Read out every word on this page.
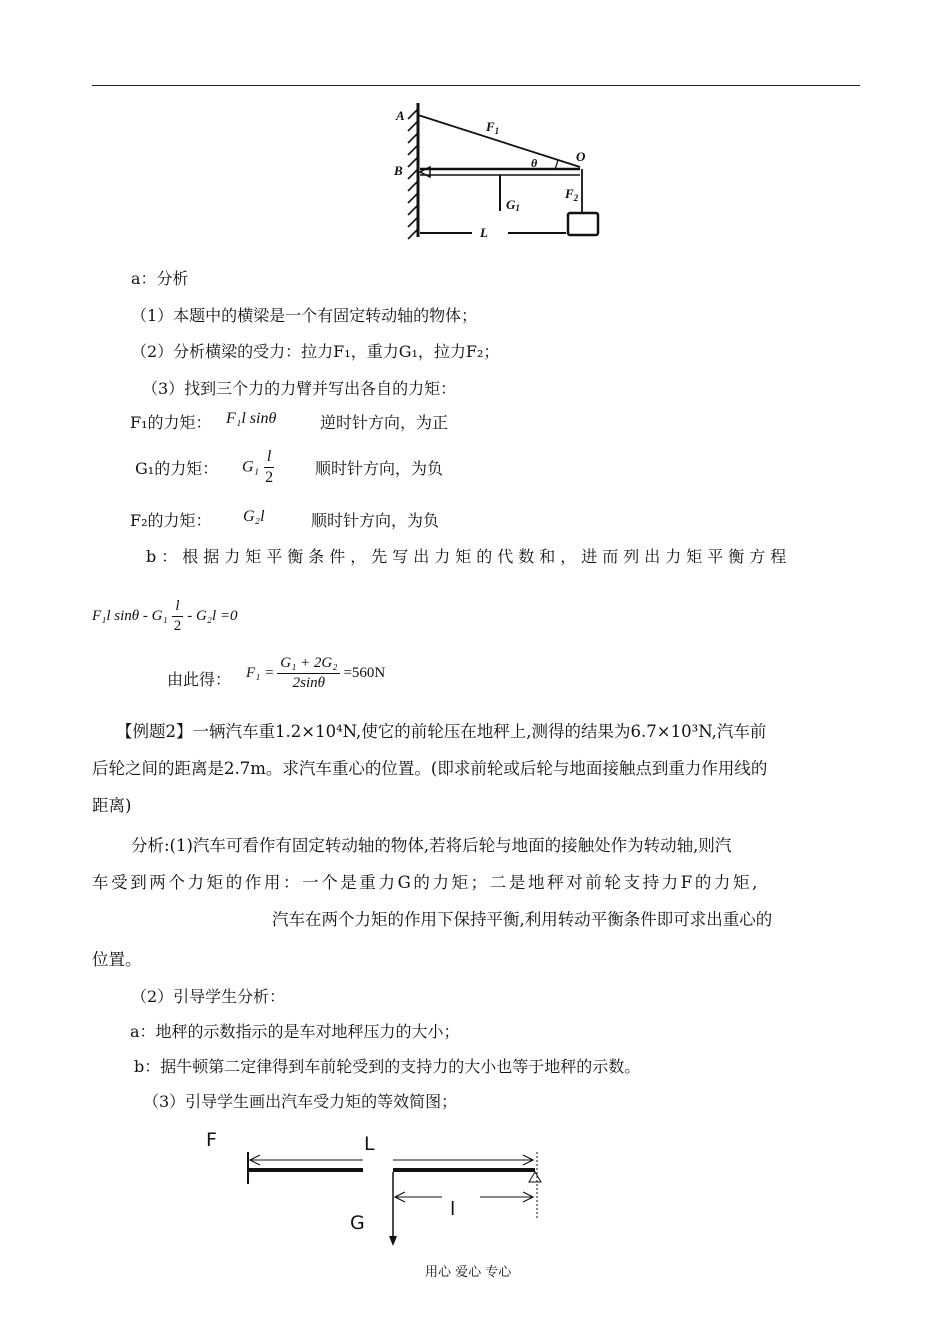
A
B
O
$F_1$
$F_2$
G1
θ
L
a：分析
（1）本题中的横梁是一个有固定转动轴的物体；
（2）分析横梁的受力：拉力F₁，重力G₁，拉力F₂；
（3）找到三个力的力臂并写出各自的力矩：
F₁的力矩： F₁l sinθ	逆时针方向，为正
G₁的力矩： $G_1 \frac{l}{2}$ 顺时针方向，为负
F₂的力矩： G₂l	顺时针方向，为负
b：根据力矩平衡条件，先写出力矩的代数和，进而列出力矩平衡方程
F₁l $\sin\theta - G_1 \frac{l}{2} - G_2l =0$
由此得： $F_1 = \frac{\text{G₁ + 2G₂}}{2\sin\theta} =560N$
【例题2】一辆汽车重1.2×10⁴N,使它的前轮压在地秤上,测得的结果为6.7×10³N,汽车前
后轮之间的距离是2.7m。求汽车重心的位置。(即求前轮或后轮与地面接触点到重力作用线的
距离)
分析:(1)汽车可看作有固定转动轴的物体,若将后轮与地面的接触处作为转动轴,则汽
车受到两个力矩的作用：一个是重力G的力矩；二是地秤对前轮支持力F的力矩,
汽车在两个力矩的作用下保持平衡,利用转动平衡条件即可求出重心的
位置。
（2）引导学生分析：
a：地秤的示数指示的是车对地秤压力的大小；
b：据牛顿第二定律得到车前轮受到的支持力的大小也等于地秤的示数。
（3）引导学生画出汽车受力矩的等效简图；
F	L
G
l
用心 爱心 专心
